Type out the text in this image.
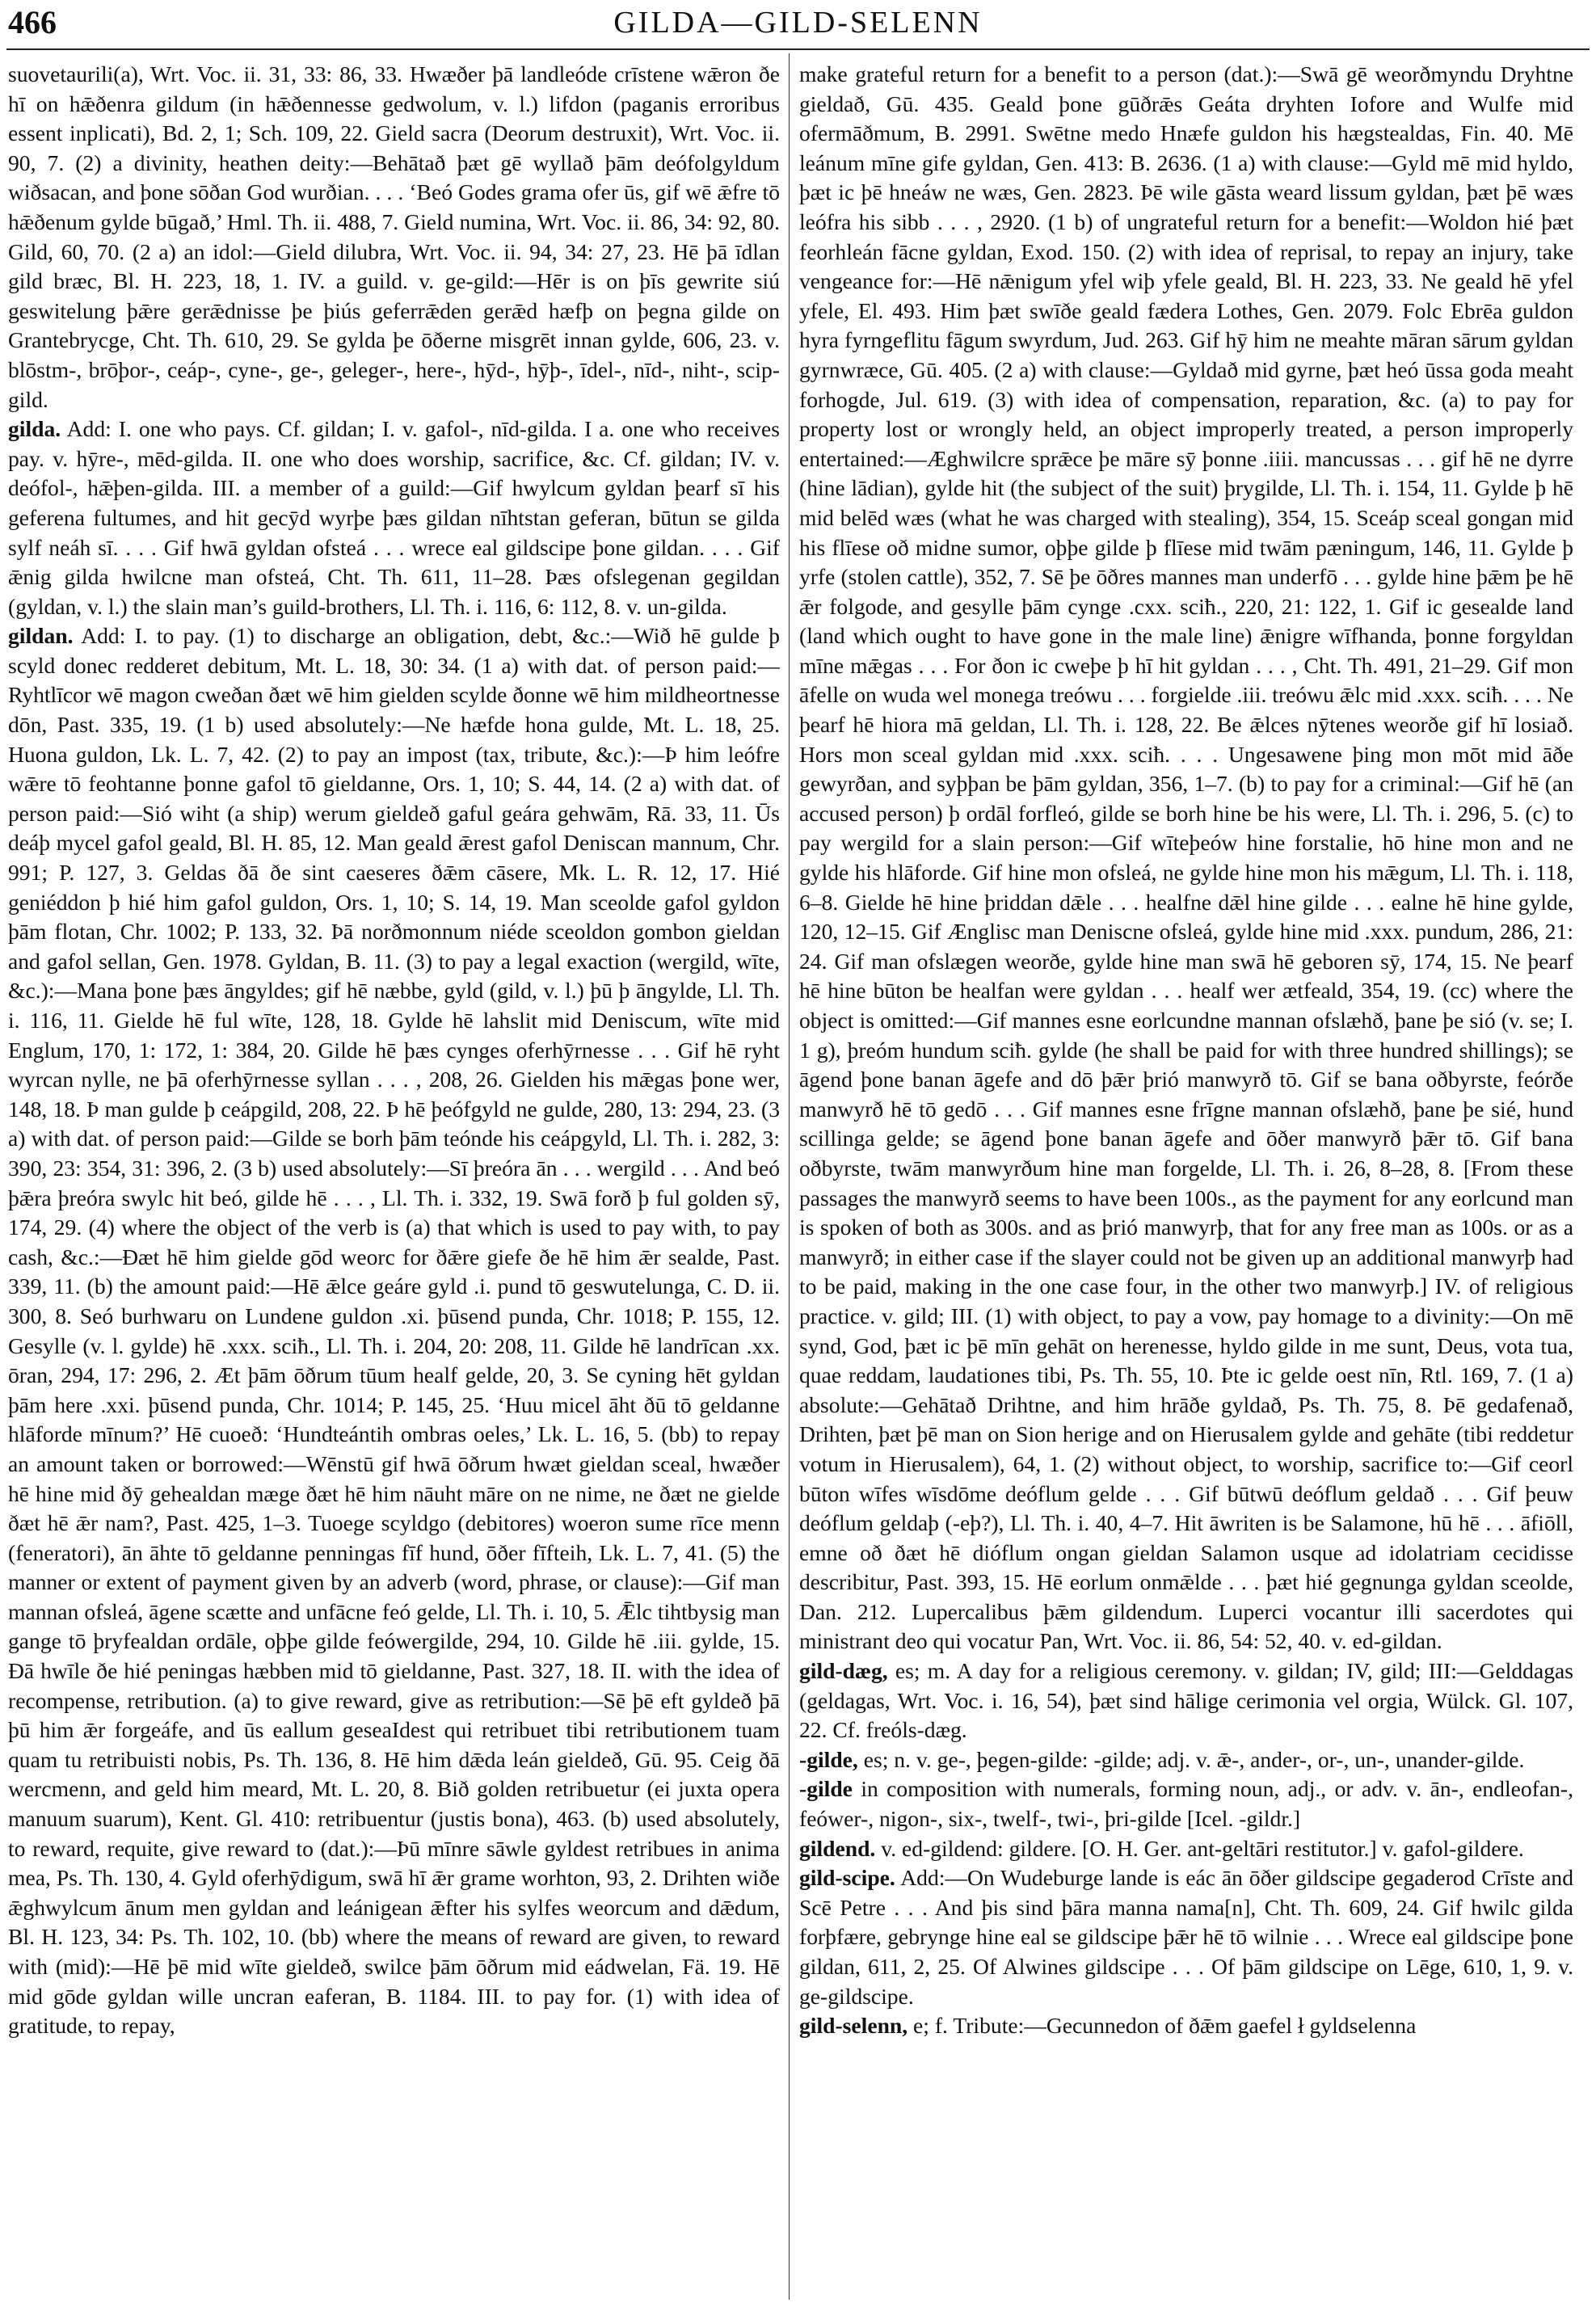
466	GILDA—GILD-SELENN

suovetaurili(a), Wrt. Voc. ii. 31, 33: 86, 33. Hwæðer þā landleóde crīstene wǣron ðe hī on hǣðenra gildum (in hǣðennesse gedwolum, v. l.) lifdon (paganis erroribus essent inplicati), Bd. 2, 1; Sch. 109, 22. Gield sacra (Deorum destruxit), Wrt. Voc. ii. 90, 7. (2) a divinity, heathen deity:—Behātað þæt gē wyllað þām deófolgyldum wiðsacan, and þone sōðan God wurðian. . . . ‘Beó Godes grama ofer ūs, gif wē ǣfre tō hǣðenum gylde būgað,’ Hml. Th. ii. 488, 7. Gield numina, Wrt. Voc. ii. 86, 34: 92, 80. Gild, 60, 70. (2 a) an idol:—Gield dilubra, Wrt. Voc. ii. 94, 34: 27, 23. Hē þā īdlan gild bræc, Bl. H. 223, 18, 1. IV. a guild. v. ge-gild:—Hēr is on þīs gewrite siú geswitelung þǣre gerǣdnisse þe þiús geferrǣden gerǣd hæfþ on þegna gilde on Grantebrycge, Cht. Th. 610, 29. Se gylda þe ōðerne misgrēt innan gylde, 606, 23. v. blōstm-, brōþor-, ceáp-, cyne-, ge-, geleger-, here-, hȳd-, hȳþ-, īdel-, nīd-, niht-, scip-gild.

gilda. Add: I. one who pays. Cf. gildan; I. v. gafol-, nīd-gilda. I a. one who receives pay. v. hȳre-, mēd-gilda. II. one who does worship, sacrifice, &c. Cf. gildan; IV. v. deófol-, hǣþen-gilda. III. a member of a guild:—Gif hwylcum gyldan þearf sī his geferena fultumes, and hit gecȳd wyrþe þæs gildan nīhtstan geferan, būtun se gilda sylf neáh sī. . . . Gif hwā gyldan ofsteá . . . wrece eal gildscipe þone gildan. . . . Gif ǣnig gilda hwilcne man ofsteá, Cht. Th. 611, 11–28. Þæs ofslegenan gegildan (gyldan, v. l.) the slain man’s guild-brothers, Ll. Th. i. 116, 6: 112, 8. v. un-gilda.

gildan. Add: I. to pay. (1) to discharge an obligation, debt, &c.:—Wið hē gulde þ scyld donec redderet debitum, Mt. L. 18, 30: 34. (1 a) with dat. of person paid:—Ryhtlīcor wē magon cweðan ðæt wē him gielden scylde ðonne wē him mildheortnesse dōn, Past. 335, 19. (1 b) used absolutely:—Ne hæfde hona gulde, Mt. L. 18, 25. Huona guldon, Lk. L. 7, 42. (2) to pay an impost (tax, tribute, &c.):—Þ him leófre wǣre tō feohtanne þonne gafol tō gieldanne, Ors. 1, 10; S. 44, 14. (2 a) with dat. of person paid:—Sió wiht (a ship) werum gieldeð gaful geára gehwām, Rā. 33, 11. Ūs deáþ mycel gafol geald, Bl. H. 85, 12. Man geald ǣrest gafol Deniscan mannum, Chr. 991; P. 127, 3. Geldas ðā ðe sint caeseres ðǣm cāsere, Mk. L. R. 12, 17. Hié geniéddon þ hié him gafol guldon, Ors. 1, 10; S. 14, 19. Man sceolde gafol gyldon þām flotan, Chr. 1002; P. 133, 32. Þā norðmonnum niéde sceoldon gombon gieldan and gafol sellan, Gen. 1978. Gyldan, B. 11. (3) to pay a legal exaction (wergild, wīte, &c.):—Mana þone þæs āngyldes; gif hē næbbe, gyld (gild, v. l.) þū þ āngylde, Ll. Th. i. 116, 11. Gielde hē ful wīte, 128, 18. Gylde hē lahslit mid Deniscum, wīte mid Englum, 170, 1: 172, 1: 384, 20. Gilde hē þæs cynges oferhȳrnesse . . . Gif hē ryht wyrcan nylle, ne þā oferhȳrnesse syllan . . . , 208, 26. Gielden his mǣgas þone wer, 148, 18. Þ man gulde þ ceápgild, 208, 22. Þ hē þeófgyld ne gulde, 280, 13: 294, 23. (3 a) with dat. of person paid:—Gilde se borh þām teónde his ceápgyld, Ll. Th. i. 282, 3: 390, 23: 354, 31: 396, 2. (3 b) used absolutely:—Sī þreóra ān . . . wergild . . . And beó þǣra þreóra swylc hit beó, gilde hē . . . , Ll. Th. i. 332, 19. Swā forð þ ful golden sȳ, 174, 29. (4) where the object of the verb is (a) that which is used to pay with, to pay cash, &c.:—Ðæt hē him gielde gōd weorc for ðǣre giefe ðe hē him ǣr sealde, Past. 339, 11. (b) the amount paid:—Hē ǣlce geáre gyld .i. pund tō geswutelunga, C. D. ii. 300, 8. Seó burhwaru on Lundene guldon .xi. þūsend punda, Chr. 1018; P. 155, 12. Gesylle (v. l. gylde) hē .xxx. sciħ., Ll. Th. i. 204, 20: 208, 11. Gilde hē landrīcan .xx. ōran, 294, 17: 296, 2. Æt þām ōðrum tūum healf gelde, 20, 3. Se cyning hēt gyldan þām here .xxi. þūsend punda, Chr. 1014; P. 145, 25. ‘Huu micel āht ðū tō geldanne hlāforde mīnum?’ Hē cuoeð: ‘Hundteántih ombras oeles,’ Lk. L. 16, 5. (bb) to repay an amount taken or borrowed:—Wēnstū gif hwā ōðrum hwæt gieldan sceal, hwæðer hē hine mid ðȳ gehealdan mæge ðæt hē him nāuht māre on ne nime, ne ðæt ne gielde ðæt hē ǣr nam?, Past. 425, 1–3. Tuoege scyldgo (debitores) woeron sume rīce menn (feneratori), ān āhte tō geldanne penningas fīf hund, ōðer fīfteih, Lk. L. 7, 41. (5) the manner or extent of payment given by an adverb (word, phrase, or clause):—Gif man mannan ofsleá, āgene scætte and unfācne feó gelde, Ll. Th. i. 10, 5. Ǣlc tihtbysig man gange tō þryfealdan ordāle, oþþe gilde feówergilde, 294, 10. Gilde hē .iii. gylde, 15. Ðā hwīle ðe hié peningas hæbben mid tō gieldanne, Past. 327, 18. II. with the idea of recompense, retribution. (a) to give reward, give as retribution:—Sē þē eft gyldeð þā þū him ǣr forgeáfe, and ūs eallum geseaIdest qui retribuet tibi retributionem tuam quam tu retribuisti nobis, Ps. Th. 136, 8. Hē him dǣda leán gieldeð, Gū. 95. Ceig ðā wercmenn, and geld him meard, Mt. L. 20, 8. Bið golden retribuetur (ei juxta opera manuum suarum), Kent. Gl. 410: retribuentur (justis bona), 463. (b) used absolutely, to reward, requite, give reward to (dat.):—Þū mīnre sāwle gyldest retribues in anima mea, Ps. Th. 130, 4. Gyld oferhȳdigum, swā hī ǣr grame worhton, 93, 2. Drihten wiðe ǣghwylcum ānum men gyldan and leánigean ǣfter his sylfes weorcum and dǣdum, Bl. H. 123, 34: Ps. Th. 102, 10. (bb) where the means of reward are given, to reward with (mid):—Hē þē mid wīte gieldeð, swilce þām ōðrum mid eádwelan, Fä. 19. Hē mid gōde gyldan wille uncran eaferan, B. 1184. III. to pay for. (1) with idea of gratitude, to repay,

make grateful return for a benefit to a person (dat.):—Swā gē weorðmyndu Dryhtne gieldað, Gū. 435. Geald þone gūðrǣs Geáta dryhten Iofore and Wulfe mid ofermāðmum, B. 2991. Swētne medo Hnæfe guldon his hægstealdas, Fin. 40. Mē leánum mīne gife gyldan, Gen. 413: B. 2636. (1 a) with clause:—Gyld mē mid hyldo, þæt ic þē hneáw ne wæs, Gen. 2823. Þē wile gāsta weard lissum gyldan, þæt þē wæs leófra his sibb . . . , 2920. (1 b) of ungrateful return for a benefit:—Woldon hié þæt feorhleán fācne gyldan, Exod. 150. (2) with idea of reprisal, to repay an injury, take vengeance for:—Hē nǣnigum yfel wiþ yfele geald, Bl. H. 223, 33. Ne geald hē yfel yfele, El. 493. Him þæt swīðe geald fædera Lothes, Gen. 2079. Folc Ebrēa guldon hyra fyrngeflitu fāgum swyrdum, Jud. 263. Gif hȳ him ne meahte māran sārum gyldan gyrnwræce, Gū. 405. (2 a) with clause:—Gyldað mid gyrne, þæt heó ūssa goda meaht forhogde, Jul. 619. (3) with idea of compensation, reparation, &c. (a) to pay for property lost or wrongly held, an object improperly treated, a person improperly entertained:—Æghwilcre sprǣce þe māre sȳ þonne .iiii. mancussas . . . gif hē ne dyrre (hine lādian), gylde hit (the subject of the suit) þrygilde, Ll. Th. i. 154, 11. Gylde þ hē mid belēd wæs (what he was charged with stealing), 354, 15. Sceáp sceal gongan mid his flīese oð midne sumor, oþþe gilde þ flīese mid twām pæningum, 146, 11. Gylde þ yrfe (stolen cattle), 352, 7. Sē þe ōðres mannes man underfō . . . gylde hine þǣm þe hē ǣr folgode, and gesylle þām cynge .cxx. sciħ., 220, 21: 122, 1. Gif ic gesealde land (land which ought to have gone in the male line) ǣnigre wīfhanda, þonne forgyldan mīne mǣgas . . . For ðon ic cweþe þ hī hit gyldan . . . , Cht. Th. 491, 21–29. Gif mon āfelle on wuda wel monega treówu . . . forgielde .iii. treówu ǣlc mid .xxx. sciħ. . . . Ne þearf hē hiora mā geldan, Ll. Th. i. 128, 22. Be ǣlces nȳtenes weorðe gif hī losiað. Hors mon sceal gyldan mid .xxx. sciħ. . . . Ungesawene þing mon mōt mid āðe gewyrðan, and syþþan be þām gyldan, 356, 1–7. (b) to pay for a criminal:—Gif hē (an accused person) þ ordāl forfleó, gilde se borh hine be his were, Ll. Th. i. 296, 5. (c) to pay wergild for a slain person:—Gif wīteþeów hine forstalie, hō hine mon and ne gylde his hlāforde. Gif hine mon ofsleá, ne gylde hine mon his mǣgum, Ll. Th. i. 118, 6–8. Gielde hē hine þriddan dǣle . . . healfne dǣl hine gilde . . . ealne hē hine gylde, 120, 12–15. Gif Ænglisc man Deniscne ofsleá, gylde hine mid .xxx. pundum, 286, 21: 24. Gif man ofslægen weorðe, gylde hine man swā hē geboren sȳ, 174, 15. Ne þearf hē hine būton be healfan were gyldan . . . healf wer ætfeald, 354, 19. (cc) where the object is omitted:—Gif mannes esne eorlcundne mannan ofslæhð, þane þe sió (v. se; I. 1 g), þreóm hundum sciħ. gylde (he shall be paid for with three hundred shillings); se āgend þone banan āgefe and dō þǣr þrió manwyrð tō. Gif se bana oðbyrste, feórðe manwyrð hē tō gedō . . . Gif mannes esne frīgne mannan ofslæhð, þane þe sié, hund scillinga gelde; se āgend þone banan āgefe and ōðer manwyrð þǣr tō. Gif bana oðbyrste, twām manwyrðum hine man forgelde, Ll. Th. i. 26, 8–28, 8. [From these passages the manwyrð seems to have been 100s., as the payment for any eorlcund man is spoken of both as 300s. and as þrió manwyrþ, that for any free man as 100s. or as a manwyrð; in either case if the slayer could not be given up an additional manwyrþ had to be paid, making in the one case four, in the other two manwyrþ.] IV. of religious practice. v. gild; III. (1) with object, to pay a vow, pay homage to a divinity:—On mē synd, God, þæt ic þē mīn gehāt on herenesse, hyldo gilde in me sunt, Deus, vota tua, quae reddam, laudationes tibi, Ps. Th. 55, 10. Þte ic gelde oest nīn, Rtl. 169, 7. (1 a) absolute:—Gehātað Drihtne, and him hrāðe gyldað, Ps. Th. 75, 8. Þē gedafenað, Drihten, þæt þē man on Sion herige and on Hierusalem gylde and gehāte (tibi reddetur votum in Hierusalem), 64, 1. (2) without object, to worship, sacrifice to:—Gif ceorl būton wīfes wīsdōme deóflum gelde . . . Gif būtwū deóflum geldað . . . Gif þeuw deóflum geldaþ (-eþ?), Ll. Th. i. 40, 4–7. Hit āwriten is be Salamone, hū hē . . . āfiōll, emne oð ðæt hē dióflum ongan gieldan Salamon usque ad idolatriam cecidisse describitur, Past. 393, 15. Hē eorlum onmǣlde . . . þæt hié gegnunga gyldan sceolde, Dan. 212. Lupercalibus þǣm gildendum. Luperci vocantur illi sacerdotes qui ministrant deo qui vocatur Pan, Wrt. Voc. ii. 86, 54: 52, 40. v. ed-gildan.

gild-dæg, es; m. A day for a religious ceremony. v. gildan; IV, gild; III:—Gelddagas (geldagas, Wrt. Voc. i. 16, 54), þæt sind hālige cerimonia vel orgia, Wülck. Gl. 107, 22. Cf. freóls-dæg.

-gilde, es; n. v. ge-, þegen-gilde: -gilde; adj. v. ǣ-, ander-, or-, un-, unander-gilde.

-gilde in composition with numerals, forming noun, adj., or adv. v. ān-, endleofan-, feówer-, nigon-, six-, twelf-, twi-, þri-gilde [Icel. -gildr.]

gildend. v. ed-gildend: gildere. [O. H. Ger. ant-geltāri restitutor.] v. gafol-gildere.

gild-scipe. Add:—On Wudeburge lande is eác ān ōðer gildscipe gegaderod Crīste and Scē Petre . . . And þis sind þāra manna nama[n], Cht. Th. 609, 24. Gif hwilc gilda forþfære, gebrynge hine eal se gildscipe þǣr hē tō wilnie . . . Wrece eal gildscipe þone gildan, 611, 2, 25. Of Alwines gildscipe . . . Of þām gildscipe on Lēge, 610, 1, 9. v. ge-gildscipe.

gild-selenn, e; f. Tribute:—Gecunnedon of ðǣm gaefel ł gyldselenna
